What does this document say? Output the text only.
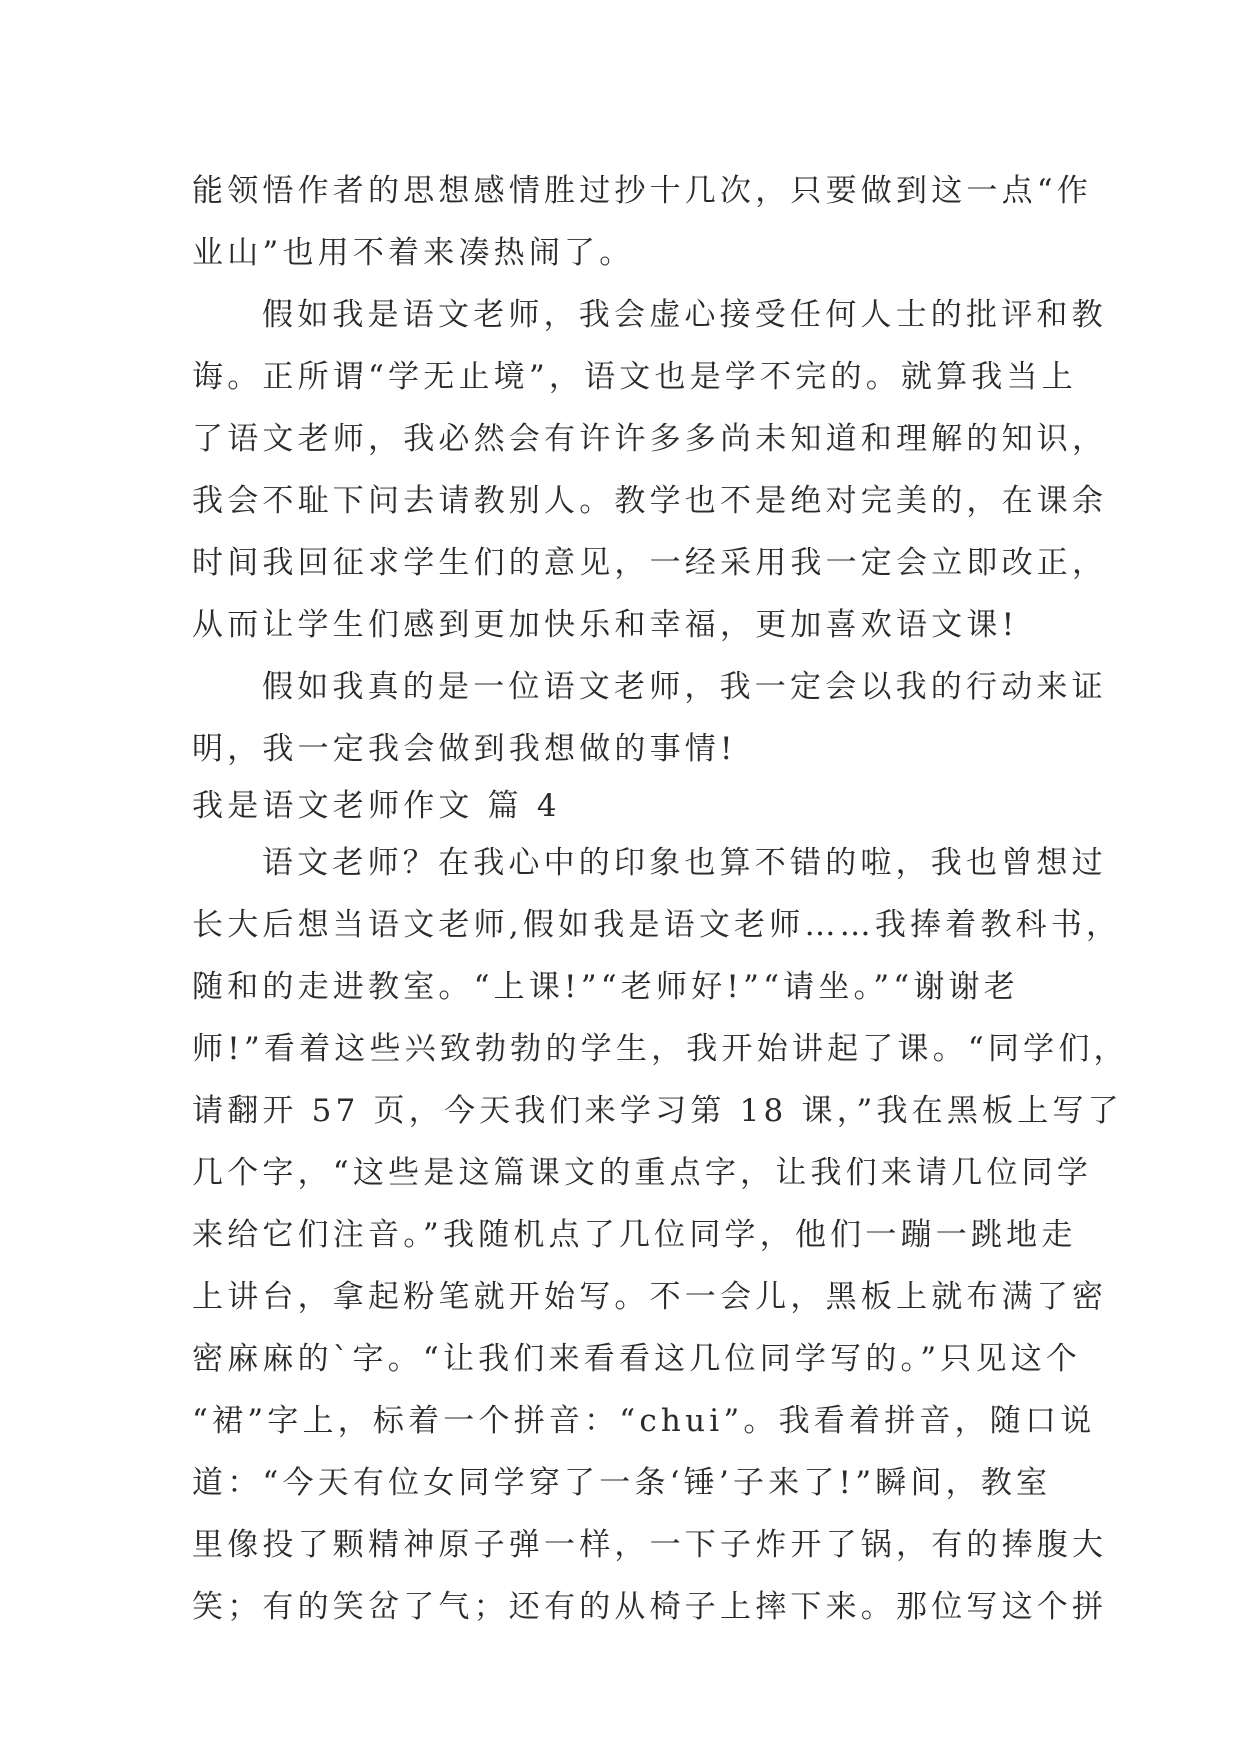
能领悟作者的思想感情胜过抄十几次，只要做到这一点“作
业山”也用不着来凑热闹了。
假如我是语文老师，我会虚心接受任何人士的批评和教
诲。正所谓“学无止境”，语文也是学不完的。就算我当上
了语文老师，我必然会有许许多多尚未知道和理解的知识，
我会不耻下问去请教别人。教学也不是绝对完美的，在课余
时间我回征求学生们的意见，一经采用我一定会立即改正，
从而让学生们感到更加快乐和幸福，更加喜欢语文课!
假如我真的是一位语文老师，我一定会以我的行动来证
明，我一定我会做到我想做的事情!
我是语文老师作文 篇 4
语文老师？在我心中的印象也算不错的啦，我也曾想过
长大后想当语文老师,假如我是语文老师……我捧着教科书，
随和的走进教室。“上课!”“老师好!”“请坐。”“谢谢老
师!”看着这些兴致勃勃的学生，我开始讲起了课。“同学们，
请翻开 57 页，今天我们来学习第 18 课，”我在黑板上写了
几个字，“这些是这篇课文的重点字，让我们来请几位同学
来给它们注音。”我随机点了几位同学，他们一蹦一跳地走
上讲台，拿起粉笔就开始写。不一会儿，黑板上就布满了密
密麻麻的`字。“让我们来看看这几位同学写的。”只见这个
“裙”字上，标着一个拼音：“chui”。我看着拼音，随口说
道：“今天有位女同学穿了一条‘锤’子来了!”瞬间，教室
里像投了颗精神原子弹一样，一下子炸开了锅，有的捧腹大
笑；有的笑岔了气；还有的从椅子上摔下来。那位写这个拼
